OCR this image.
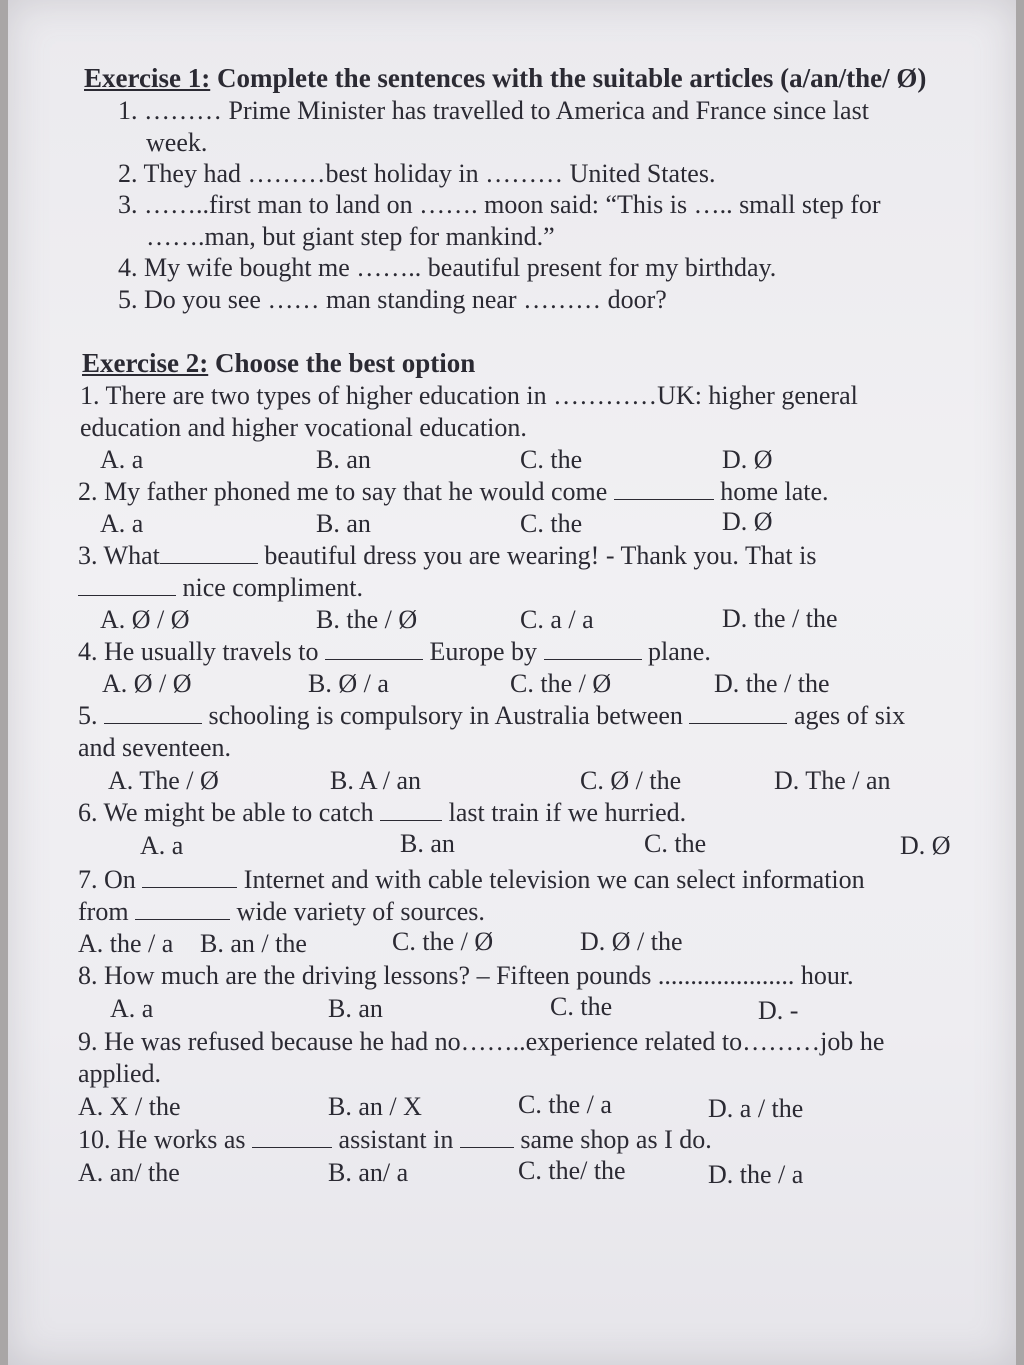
Exercise 1: Complete the sentences with the suitable articles (a/an/the/ Ø)
1. ……… Prime Minister has travelled to America and France since last
week.
2. They had ………best holiday in ……… United States.
3. ……..first man to land on ……. moon said: “This is ….. small step for
…….man, but giant step for mankind.”
4. My wife bought me …….. beautiful present for my birthday.
5. Do you see …… man standing near ……… door?
Exercise 2: Choose the best option
1. There are two types of higher education in …………UK: higher general
education and higher vocational education.
A. a	B. an	C. the	D. Ø
2. My father phoned me to say that he would come	home late.
A. a	B. an	C. the	D. Ø
3. What	beautiful dress you are wearing! - Thank you. That is
nice compliment.
A. Ø / Ø	B. the / Ø	C. a / a	D. the / the
4. He usually travels to	Europe by	plane.
A. Ø / Ø	B. Ø / a	C. the / Ø	D. the / the
5.	schooling is compulsory in Australia between	ages of six
and seventeen.
A. The / Ø	B. A / an	C. Ø / the	D. The / an
6. We might be able to catch  last train if we hurried.
A. a	B. an	C. the	D. Ø
7. On	Internet and with cable television we can select information
from	wide variety of sources.
A. the / a B. an / the	C. the / Ø	D. Ø / the
8. How much are the driving lessons? – Fifteen pounds ..................... hour.
A. a	B. an	C. the	D. -
9. He was refused because he had no……..experience related to………job he
applied.
A. X / the	B. an / X	C. the / a	D. a / the
10. He works as	assistant in  same shop as I do.
A. an/ the	B. an/ a	C. the/ the	D. the / a
